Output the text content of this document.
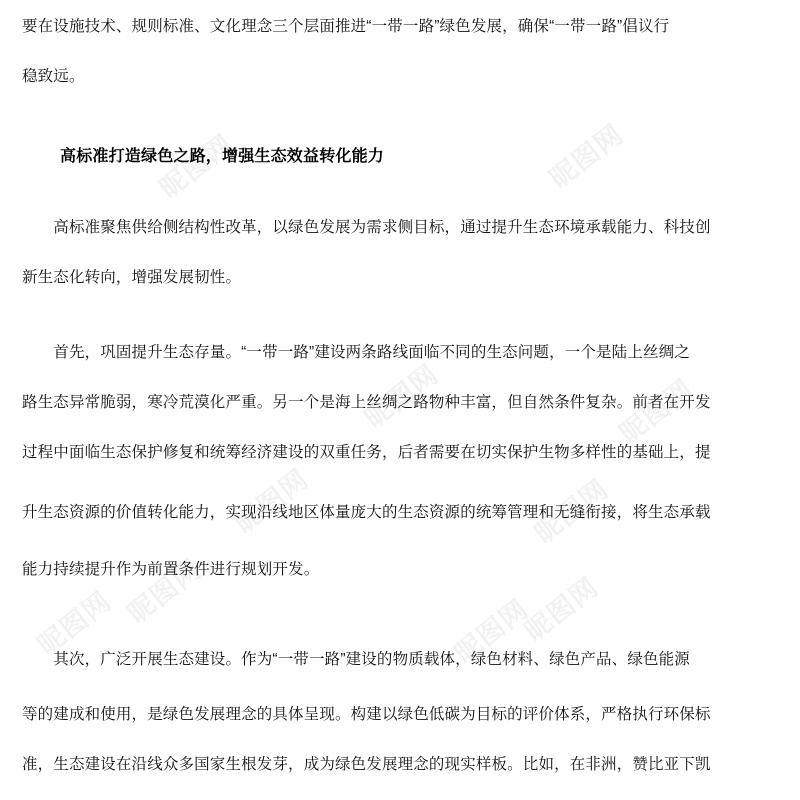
昵图网	昵图网
昵图网	昵图网
昵图网	昵图网
昵图网	昵图网
昵图网	昵图网
要在设施技术、规则标准、文化理念三个层面推进“一带一路”绿色发展，确保“一带一路”倡议行
稳致远。
高标准打造绿色之路，增强生态效益转化能力
　　高标准聚焦供给侧结构性改革，以绿色发展为需求侧目标，通过提升生态环境承载能力、科技创
新生态化转向，增强发展韧性。
　　首先，巩固提升生态存量。“一带一路”建设两条路线面临不同的生态问题，一个是陆上丝绸之
路生态异常脆弱，寒冷荒漠化严重。另一个是海上丝绸之路物种丰富，但自然条件复杂。前者在开发
过程中面临生态保护修复和统筹经济建设的双重任务，后者需要在切实保护生物多样性的基础上，提
升生态资源的价值转化能力，实现沿线地区体量庞大的生态资源的统筹管理和无缝衔接，将生态承载
能力持续提升作为前置条件进行规划开发。
　　其次，广泛开展生态建设。作为“一带一路”建设的物质载体，绿色材料、绿色产品、绿色能源
等的建成和使用，是绿色发展理念的具体呈现。构建以绿色低碳为目标的评价体系，严格执行环保标
准，生态建设在沿线众多国家生根发芽，成为绿色发展理念的现实样板。比如，在非洲，赞比亚下凯
